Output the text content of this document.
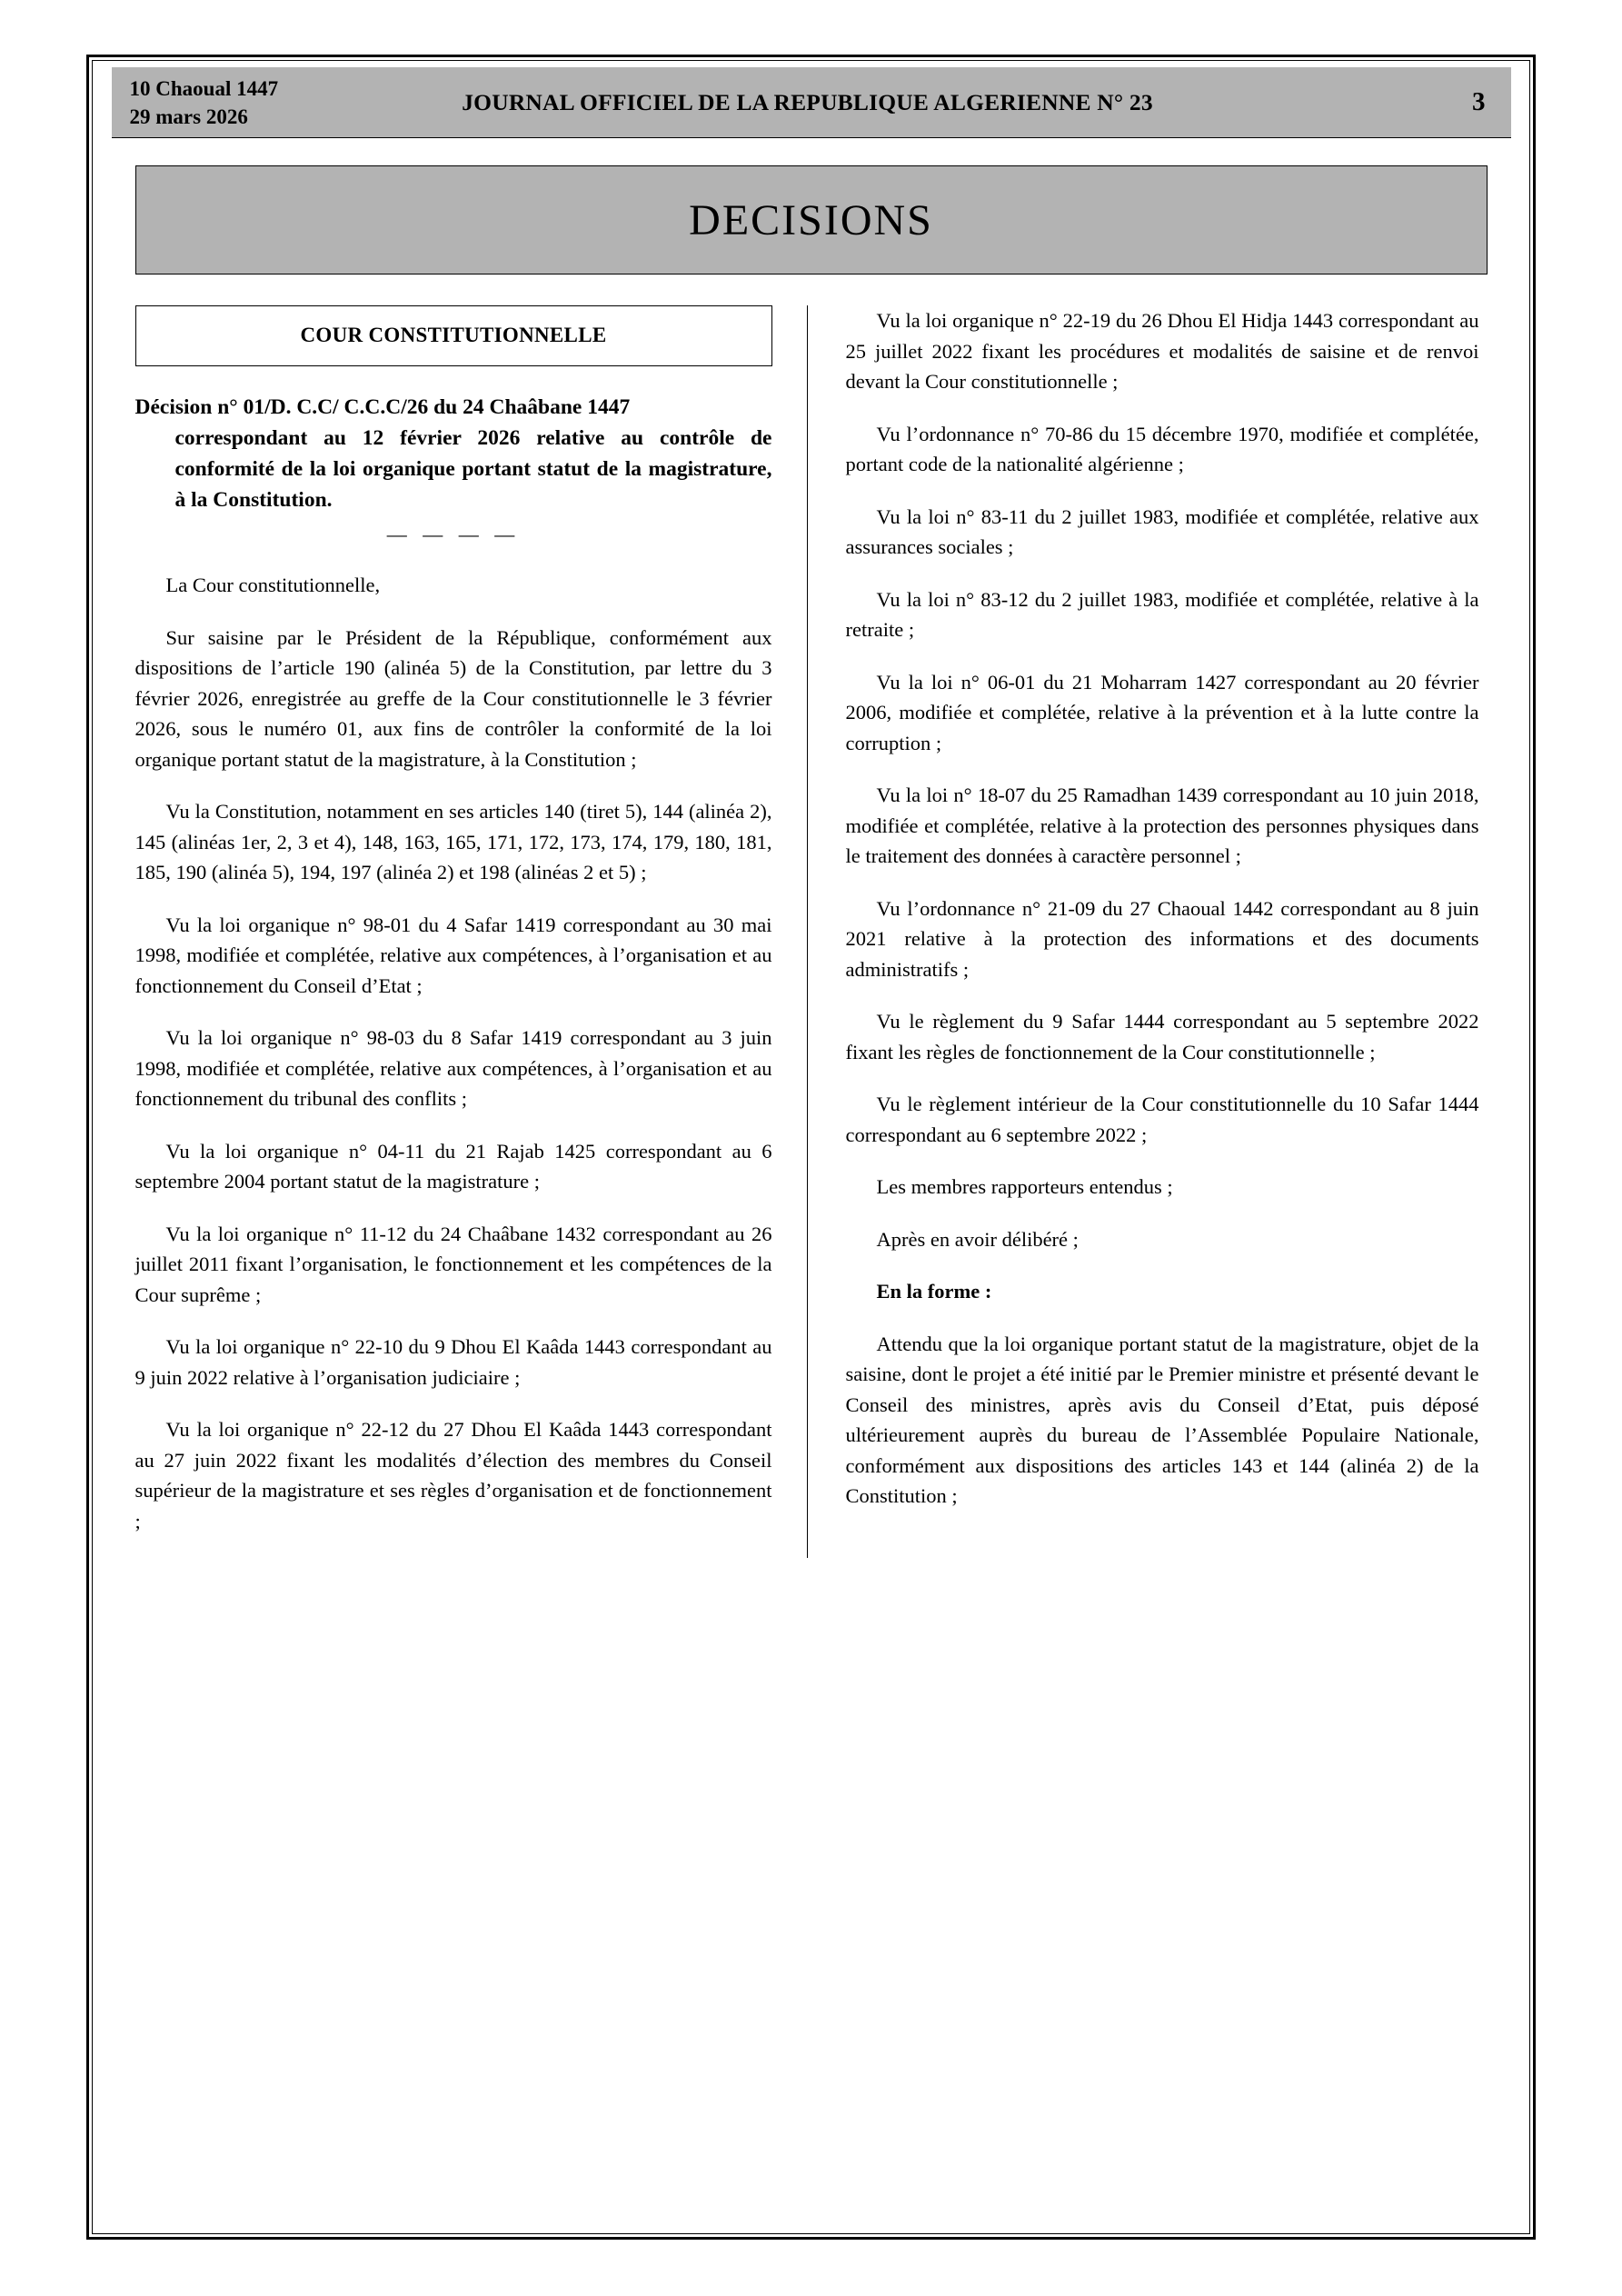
10 Chaoual 1447
29 mars 2026
JOURNAL OFFICIEL DE LA REPUBLIQUE ALGERIENNE N° 23	3
DECISIONS
COUR CONSTITUTIONNELLE
Décision n° 01/D. C.C/ C.C.C/26 du 24 Chaâbane 1447
correspondant au 12 février 2026 relative au contrôle de conformité de la loi organique portant statut de la magistrature, à la Constitution.
— — — —

La Cour constitutionnelle,

Sur saisine par le Président de la République, conformément aux dispositions de l’article 190 (alinéa 5) de la Constitution, par lettre du 3 février 2026, enregistrée au greffe de la Cour constitutionnelle le 3 février 2026, sous le numéro 01, aux fins de contrôler la conformité de la loi organique portant statut de la magistrature, à la Constitution ;

Vu la Constitution, notamment en ses articles 140 (tiret 5), 144 (alinéa 2), 145 (alinéas 1er, 2, 3 et 4), 148, 163, 165, 171, 172, 173, 174, 179, 180, 181, 185, 190 (alinéa 5), 194, 197 (alinéa 2) et 198 (alinéas 2 et 5) ;

Vu la loi organique n° 98-01 du 4 Safar 1419 correspondant au 30 mai 1998, modifiée et complétée, relative aux compétences, à l’organisation et au fonctionnement du Conseil d’Etat ;

Vu la loi organique n° 98-03 du 8 Safar 1419 correspondant au 3 juin 1998, modifiée et complétée, relative aux compétences, à l’organisation et au fonctionnement du tribunal des conflits ;

Vu la loi organique n° 04-11 du 21 Rajab 1425 correspondant au 6 septembre 2004 portant statut de la magistrature ;

Vu la loi organique n° 11-12 du 24 Chaâbane 1432 correspondant au 26 juillet 2011 fixant l’organisation, le fonctionnement et les compétences de la Cour suprême ;

Vu la loi organique n° 22-10 du 9 Dhou El Kaâda 1443 correspondant au 9 juin 2022 relative à l’organisation judiciaire ;

Vu la loi organique n° 22-12 du 27 Dhou El Kaâda 1443 correspondant au 27 juin 2022 fixant les modalités d’élection des membres du Conseil supérieur de la magistrature et ses règles d’organisation et de fonctionnement ;

Vu la loi organique n° 22-19 du 26 Dhou El Hidja 1443 correspondant au 25 juillet 2022 fixant les procédures et modalités de saisine et de renvoi devant la Cour constitutionnelle ;

Vu l’ordonnance n° 70-86 du 15 décembre 1970, modifiée et complétée, portant code de la nationalité algérienne ;

Vu la loi n° 83-11 du 2 juillet 1983, modifiée et complétée, relative aux assurances sociales ;

Vu la loi n° 83-12 du 2 juillet 1983, modifiée et complétée, relative à la retraite ;

Vu la loi n° 06-01 du 21 Moharram 1427 correspondant au 20 février 2006, modifiée et complétée, relative à la prévention et à la lutte contre la corruption ;

Vu la loi n° 18-07 du 25 Ramadhan 1439 correspondant au 10 juin 2018, modifiée et complétée, relative à la protection des personnes physiques dans le traitement des données à caractère personnel ;

Vu l’ordonnance n° 21-09 du 27 Chaoual 1442 correspondant au 8 juin 2021 relative à la protection des informations et des documents administratifs ;

Vu le règlement du 9 Safar 1444 correspondant au 5 septembre 2022 fixant les règles de fonctionnement de la Cour constitutionnelle ;

Vu le règlement intérieur de la Cour constitutionnelle du 10 Safar 1444 correspondant au 6 septembre 2022 ;

Les membres rapporteurs entendus ;

Après en avoir délibéré ;

En la forme :

Attendu que la loi organique portant statut de la magistrature, objet de la saisine, dont le projet a été initié par le Premier ministre et présenté devant le Conseil des ministres, après avis du Conseil d’Etat, puis déposé ultérieurement auprès du bureau de l’Assemblée Populaire Nationale, conformément aux dispositions des articles 143 et 144 (alinéa 2) de la Constitution ;
